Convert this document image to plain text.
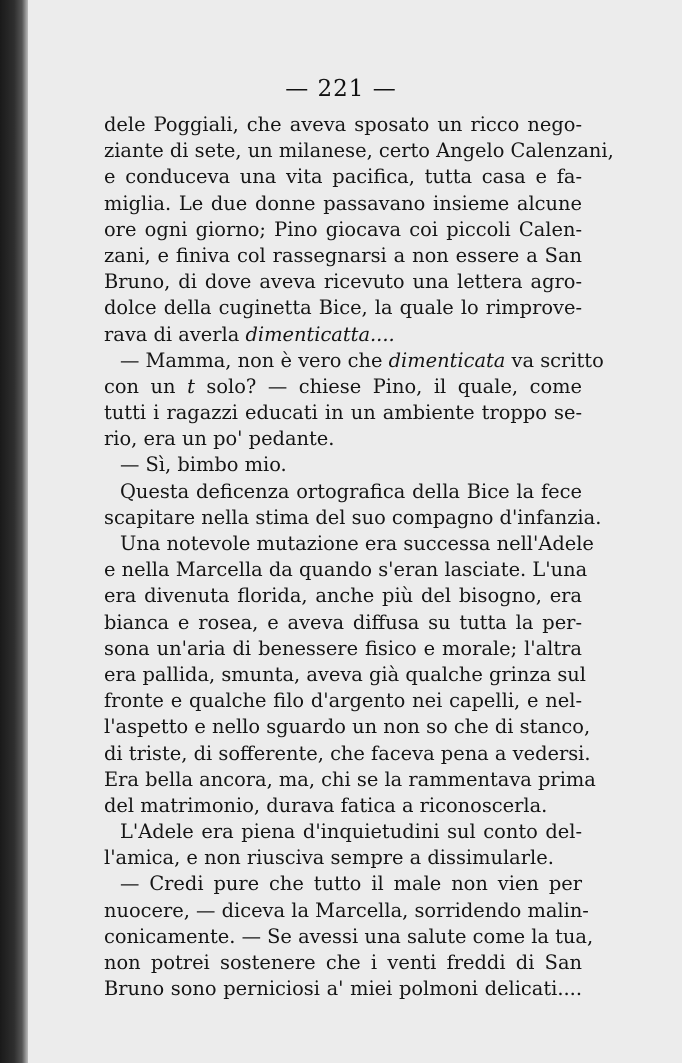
— 221 —
dele Poggiali, che aveva sposato un ricco nego-
ziante di sete, un milanese, certo Angelo Calenzani,
e conduceva una vita pacifica, tutta casa e fa-
miglia. Le due donne passavano insieme alcune
ore ogni giorno; Pino giocava coi piccoli Calen-
zani, e finiva col rassegnarsi a non essere a San
Bruno, di dove aveva ricevuto una lettera agro-
dolce della cuginetta Bice, la quale lo rimprove-
rava di averla dimenticatta....
— Mamma, non è vero che dimenticata va scritto
con un t solo? — chiese Pino, il quale, come
tutti i ragazzi educati in un ambiente troppo se-
rio, era un po' pedante.
— Sì, bimbo mio.
Questa deficenza ortografica della Bice la fece
scapitare nella stima del suo compagno d'infanzia.
Una notevole mutazione era successa nell'Adele
e nella Marcella da quando s'eran lasciate. L'una
era divenuta florida, anche più del bisogno, era
bianca e rosea, e aveva diffusa su tutta la per-
sona un'aria di benessere fisico e morale; l'altra
era pallida, smunta, aveva già qualche grinza sul
fronte e qualche filo d'argento nei capelli, e nel-
l'aspetto e nello sguardo un non so che di stanco,
di triste, di sofferente, che faceva pena a vedersi.
Era bella ancora, ma, chi se la rammentava prima
del matrimonio, durava fatica a riconoscerla.
L'Adele era piena d'inquietudini sul conto del-
l'amica, e non riusciva sempre a dissimularle.
— Credi pure che tutto il male non vien per
nuocere, — diceva la Marcella, sorridendo malin-
conicamente. — Se avessi una salute come la tua,
non potrei sostenere che i venti freddi di San
Bruno sono perniciosi a' miei polmoni delicati....
